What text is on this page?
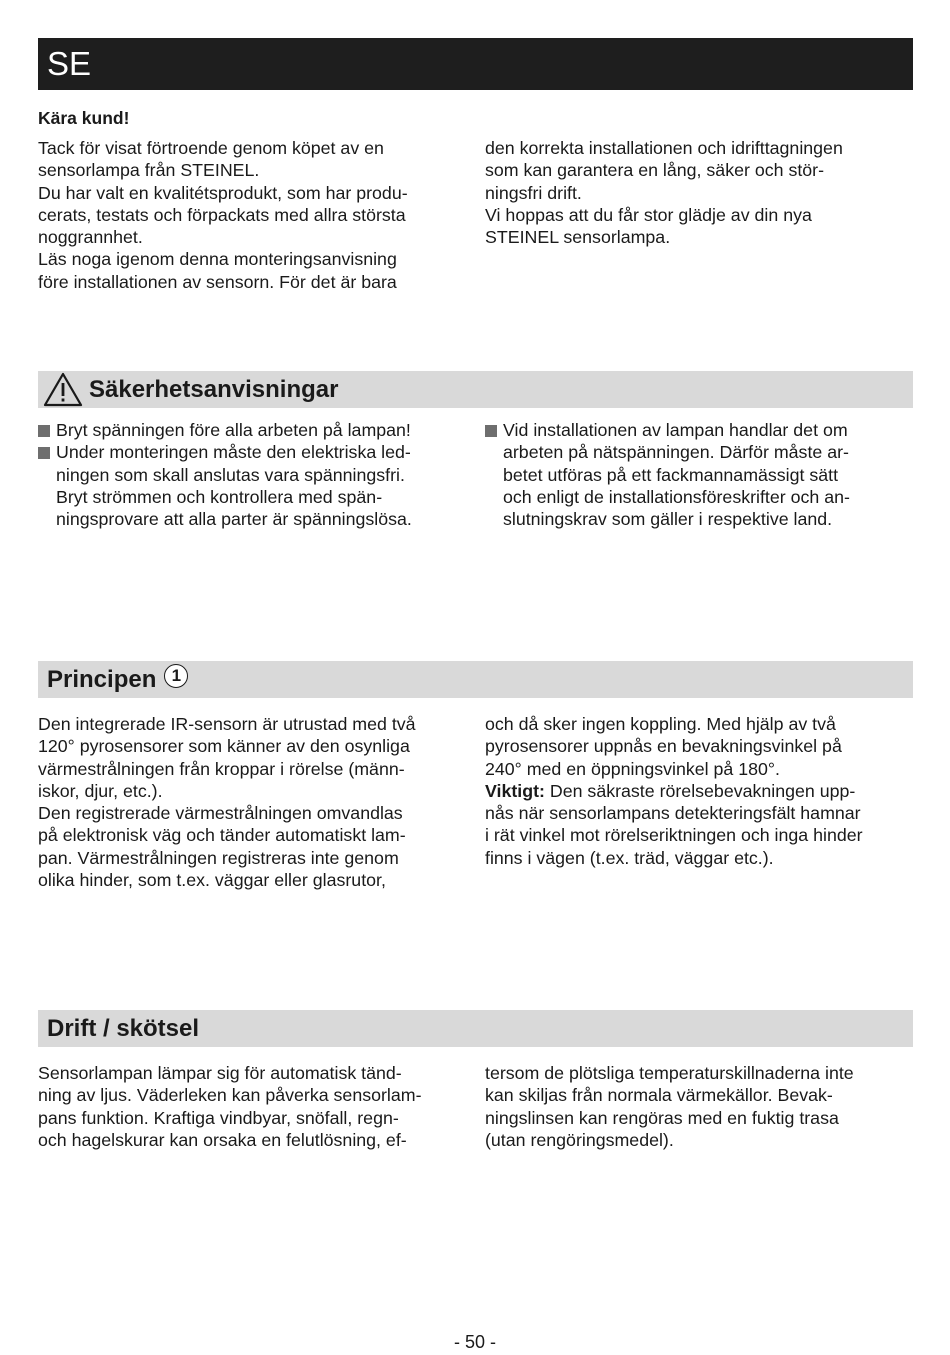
SE
Kära kund!

Tack för visat förtroende genom köpet av en

sensorlampa från STEINEL.

Du har valt en kvalitétsprodukt, som har produ-

cerats, testats och förpackats med allra största

noggrannhet.

Läs noga igenom denna monteringsanvisning

före installationen av sensorn. För det är bara

den korrekta installationen och idrifttagningen

som kan garantera en lång, säker och stör-

ningsfri drift.

Vi hoppas att du får stor glädje av din nya

STEINEL sensorlampa.

Säkerhetsanvisningar
Bryt spänningen före alla arbeten på lampan!
Under monteringen måste den elektriska led-
ningen som skall anslutas vara spänningsfri.
Bryt strömmen och kontrollera med spän-
ningsprovare att alla parter är spänningslösa.
Vid installationen av lampan handlar det om
arbeten på nätspänningen. Därför måste ar-
betet utföras på ett fackmannamässigt sätt
och enligt de installationsföreskrifter och an-
slutningskrav som gäller i respektive land.
Principen 1

Den integrerade IR-sensorn är utrustad med två

120° pyrosensorer som känner av den osynliga

värmestrålningen från kroppar i rörelse (männ-

iskor, djur, etc.).

Den registrerade värmestrålningen omvandlas

på elektronisk väg och tänder automatiskt lam-

pan. Värmestrålningen registreras inte genom

olika hinder, som t.ex. väggar eller glasrutor,

och då sker ingen koppling. Med hjälp av två

pyrosensorer uppnås en bevakningsvinkel på

240° med en öppningsvinkel på 180°.

Viktigt: Den säkraste rörelsebevakningen upp-

nås när sensorlampans detekteringsfält hamnar

i rät vinkel mot rörelseriktningen och inga hinder

finns i vägen (t.ex. träd, väggar etc.).

Drift / skötsel

Sensorlampan lämpar sig för automatisk tänd-

ning av ljus. Väderleken kan påverka sensorlam-

pans funktion. Kraftiga vindbyar, snöfall, regn-

och hagelskurar kan orsaka en felutlösning, ef-

tersom de plötsliga temperaturskillnaderna inte

kan skiljas från normala värmekällor. Bevak-

ningslinsen kan rengöras med en fuktig trasa

(utan rengöringsmedel).

- 50 -
